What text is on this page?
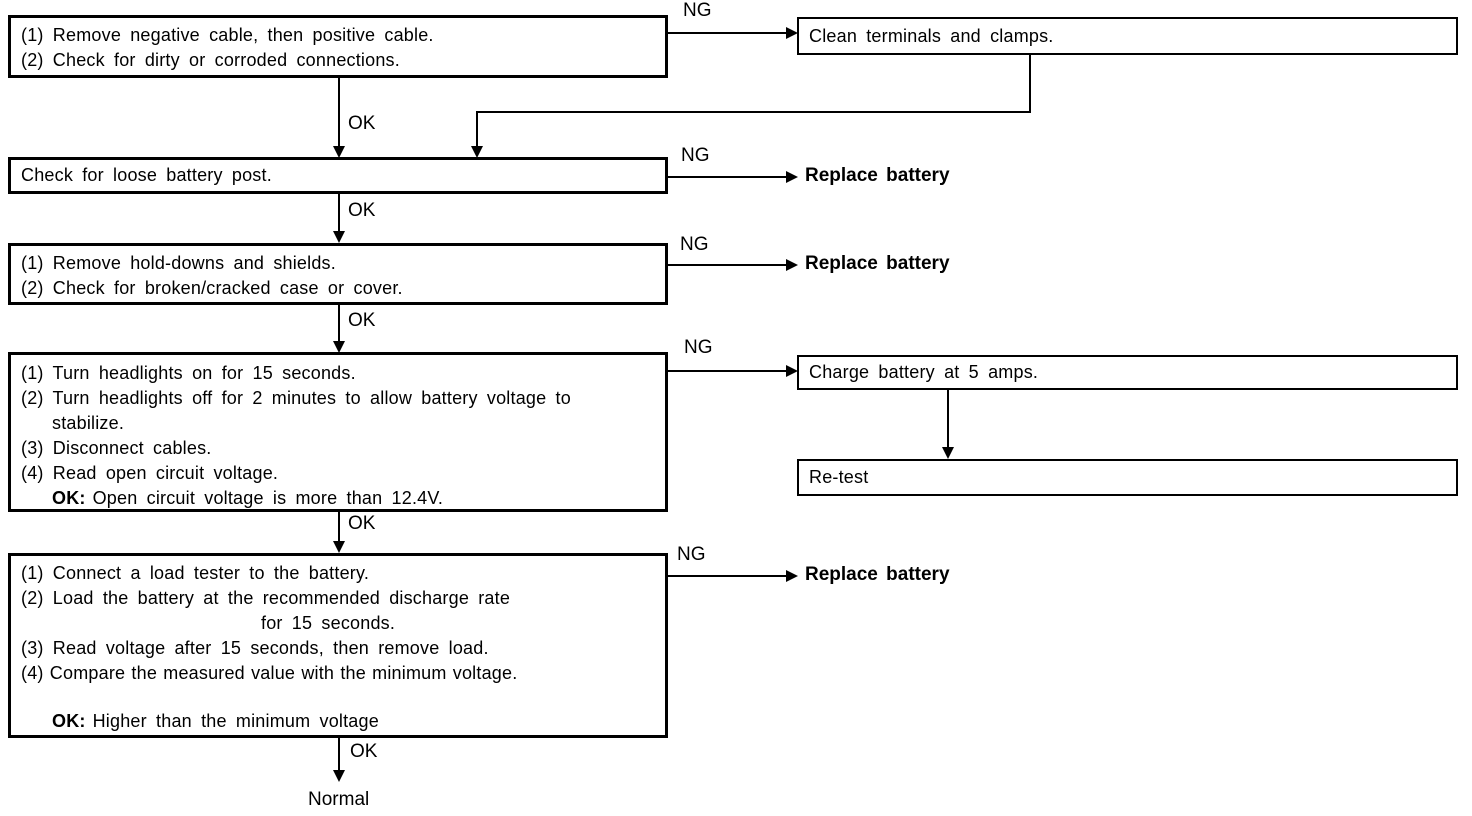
(1) Remove negative cable, then positive cable.
(2) Check for dirty or corroded connections.
Clean terminals and clamps.
NG
OK
Check for loose battery post.
NG
Replace battery
OK
(1) Remove hold-downs and shields.
(2) Check for broken/cracked case or cover.
NG
Replace battery
OK
(1) Turn headlights on for 15 seconds.
(2) Turn headlights off for 2 minutes to allow battery voltage to
stabilize.
(3) Disconnect cables.
(4) Read open circuit voltage.
OK: Open circuit voltage is more than 12.4V.
NG
Charge battery at 5 amps.
Re-test
OK
(1) Connect a load tester to the battery.
(2) Load the battery at the recommended discharge rate
for 15 seconds.
(3) Read voltage after 15 seconds, then remove load.
(4) Compare the measured value with the minimum voltage.
OK: Higher than the minimum voltage
NG
Replace battery
OK
Normal
